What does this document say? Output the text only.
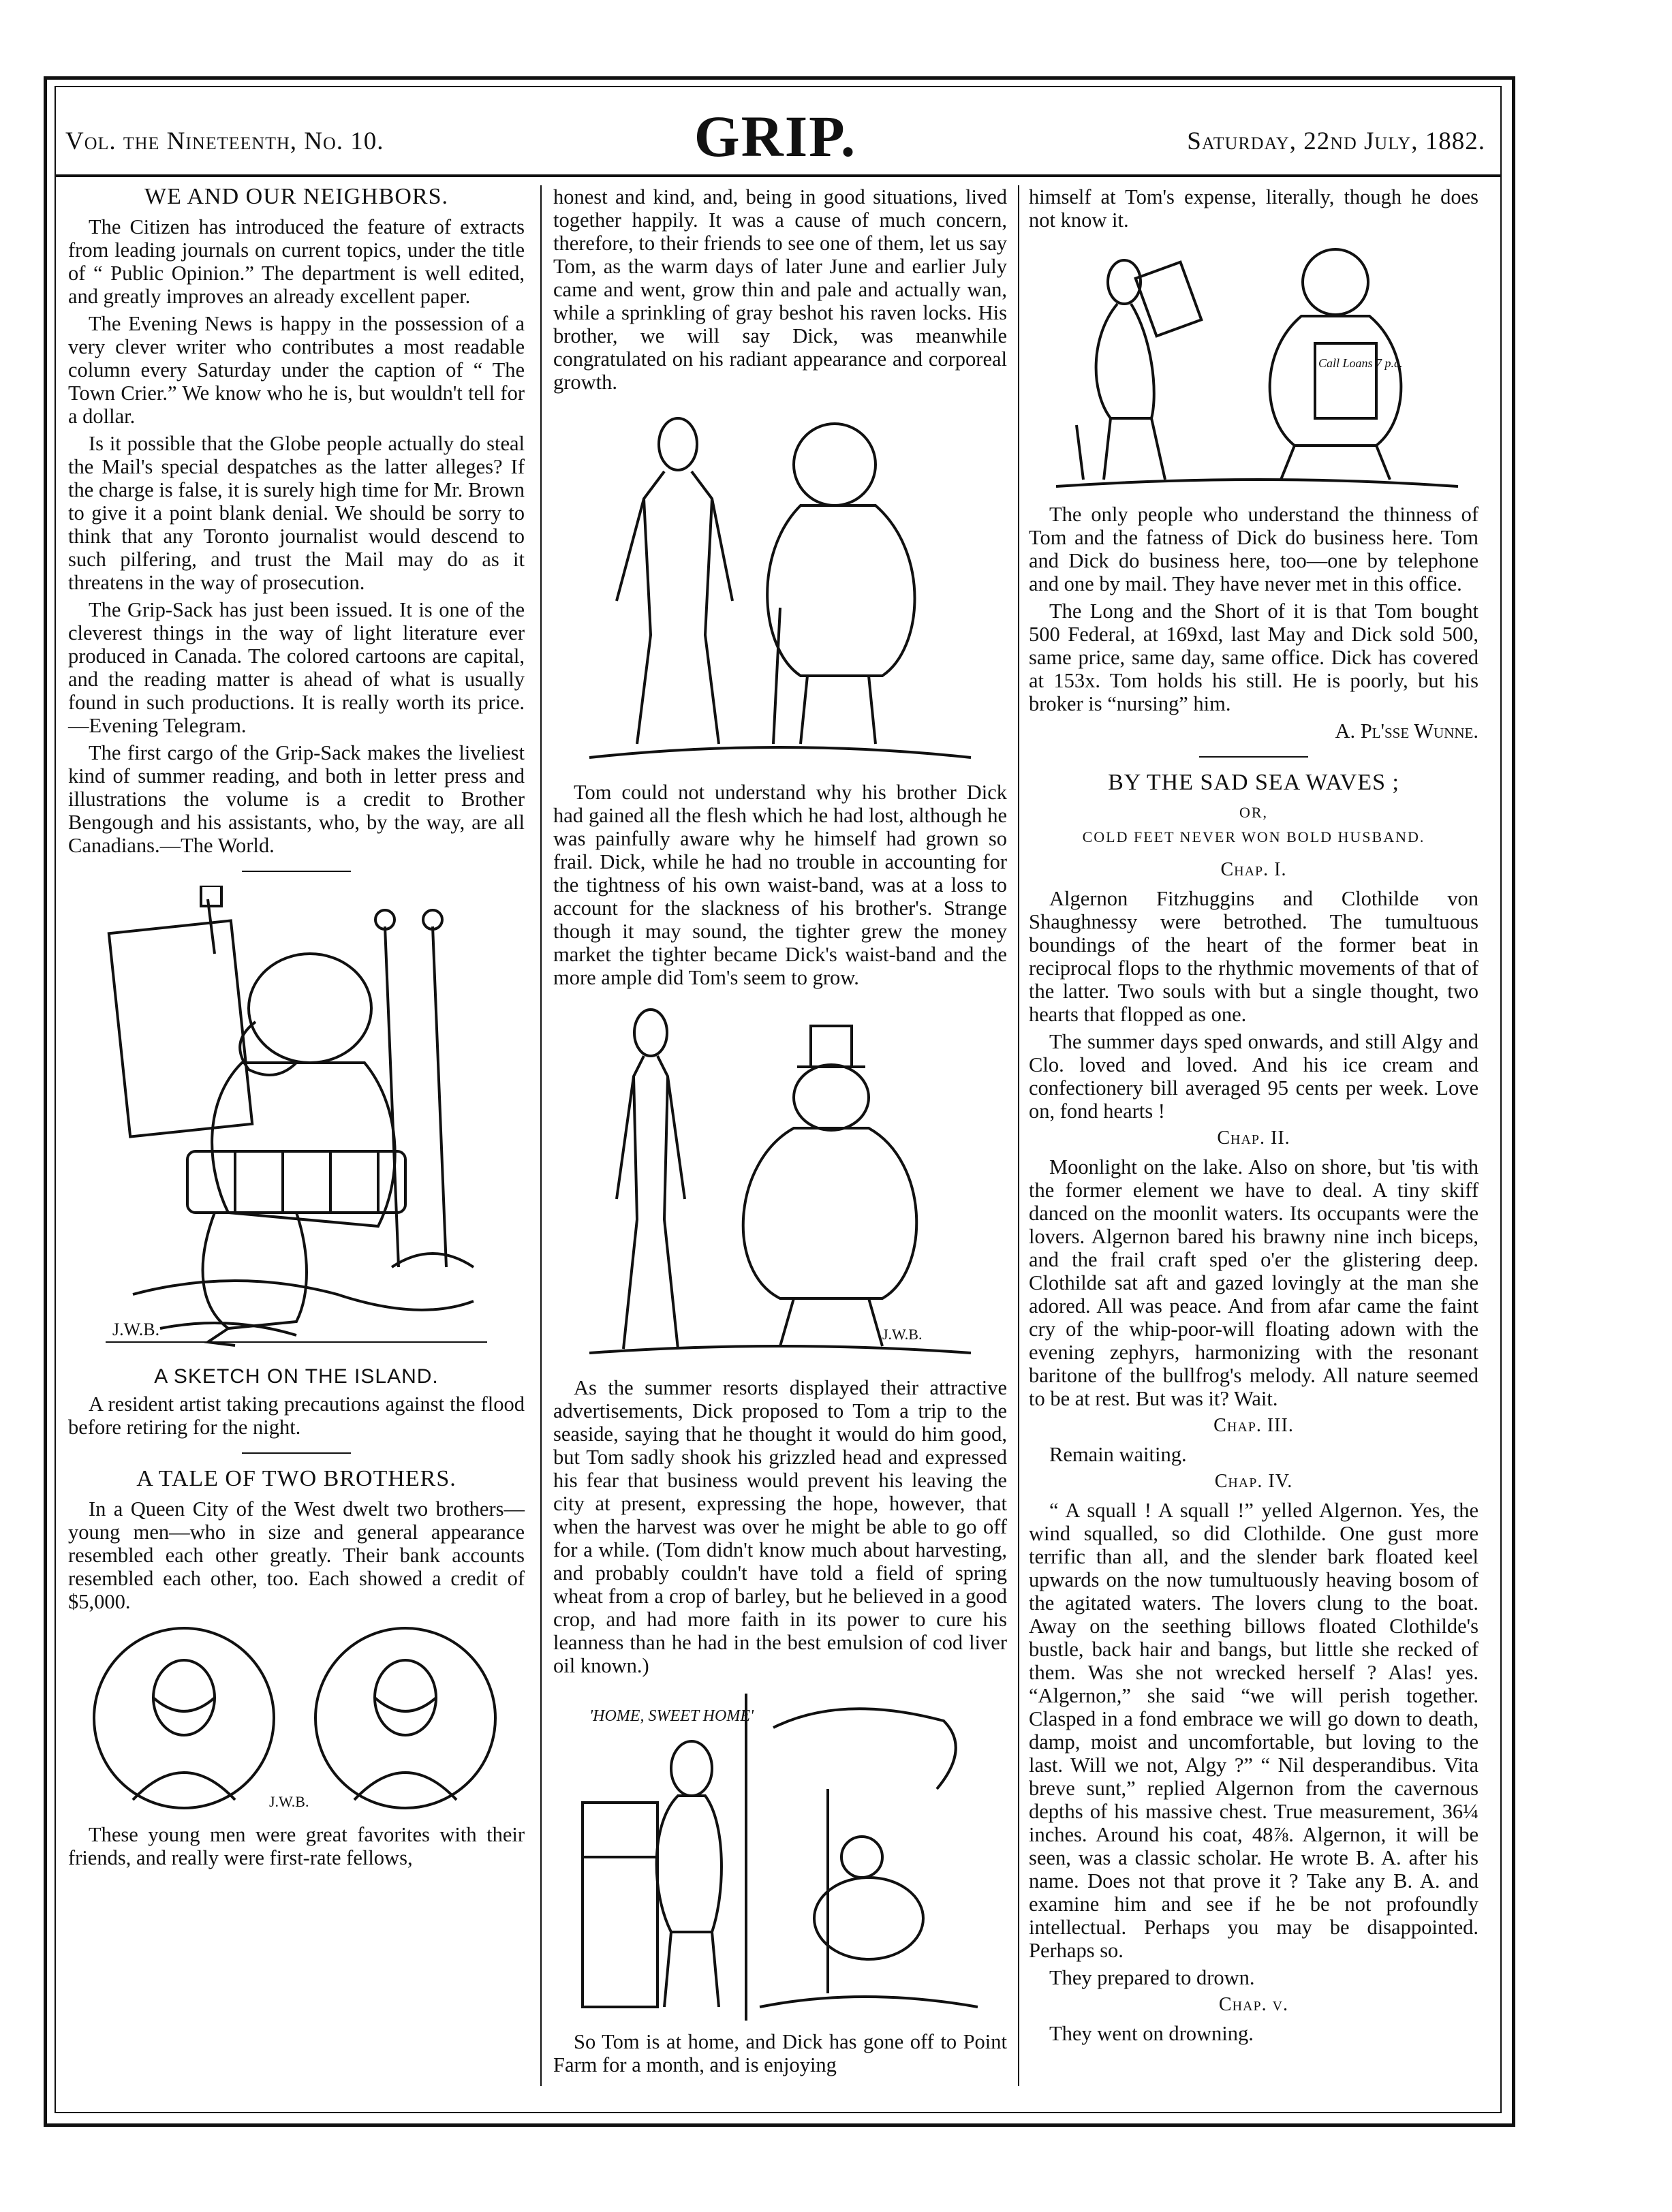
Vol. the Nineteenth, No. 10.	GRIP.	Saturday, 22nd July, 1882.
WE AND OUR NEIGHBORS.

The Citizen has introduced the feature of extracts from leading journals on current topics, under the title of “ Public Opinion.” The department is well edited, and greatly improves an already excellent paper.

The Evening News is happy in the possession of a very clever writer who contributes a most readable column every Saturday under the caption of “ The Town Crier.” We know who he is, but wouldn't tell for a dollar.

Is it possible that the Globe people actually do steal the Mail's special despatches as the latter alleges? If the charge is false, it is surely high time for Mr. Brown to give it a point blank denial. We should be sorry to think that any Toronto journalist would descend to such pilfering, and trust the Mail may do as it threatens in the way of prosecution.

The Grip-Sack has just been issued. It is one of the cleverest things in the way of light literature ever produced in Canada. The colored cartoons are capital, and the reading matter is ahead of what is usually found in such productions. It is really worth its price. —Evening Telegram.

The first cargo of the Grip-Sack makes the liveliest kind of summer reading, and both in letter press and illustrations the volume is a credit to Brother Bengough and his assistants, who, by the way, are all Canadians.—The World.

J.W.B.
A SKETCH ON THE ISLAND.

A resident artist taking precautions against the flood before retiring for the night.

A TALE OF TWO BROTHERS.

In a Queen City of the West dwelt two brothers—young men—who in size and general appearance resembled each other greatly. Their bank accounts resembled each other, too. Each showed a credit of $5,000.

J.W.B.

These young men were great favorites with their friends, and really were first-rate fellows,

honest and kind, and, being in good situations, lived together happily. It was a cause of much concern, therefore, to their friends to see one of them, let us say Tom, as the warm days of later June and earlier July came and went, grow thin and pale and actually wan, while a sprinkling of gray beshot his raven locks. His brother, we will say Dick, was meanwhile congratulated on his radiant appearance and corporeal growth.

Tom could not understand why his brother Dick had gained all the flesh which he had lost, although he was painfully aware why he himself had grown so frail. Dick, while he had no trouble in accounting for the tightness of his own waist-band, was at a loss to account for the slackness of his brother's. Strange though it may sound, the tighter grew the money market the tighter became Dick's waist-band and the more ample did Tom's seem to grow.

J.W.B.

As the summer resorts displayed their attractive advertisements, Dick proposed to Tom a trip to the seaside, saying that he thought it would do him good, but Tom sadly shook his grizzled head and expressed his fear that business would prevent his leaving the city at present, expressing the hope, however, that when the harvest was over he might be able to go off for a while. (Tom didn't know much about harvesting, and probably couldn't have told a field of spring wheat from a crop of barley, but he believed in a good crop, and had more faith in its power to cure his leanness than he had in the best emulsion of cod liver oil known.)

'HOME, SWEET HOME'

So Tom is at home, and Dick has gone off to Point Farm for a month, and is enjoying

himself at Tom's expense, literally, though he does not know it.

Call Loans 7 p.c.

The only people who understand the thinness of Tom and the fatness of Dick do business here. Tom and Dick do business here, too—one by telephone and one by mail. They have never met in this office.

The Long and the Short of it is that Tom bought 500 Federal, at 169xd, last May and Dick sold 500, same price, same day, same office. Dick has covered at 153x. Tom holds his still. He is poorly, but his broker is “nursing” him.

A. Pl'sse Wunne.
BY THE SAD SEA WAVES ;
OR,
COLD FEET NEVER WON BOLD HUSBAND.
Chap. I.

Algernon Fitzhuggins and Clothilde von Shaughnessy were betrothed. The tumultuous boundings of the heart of the former beat in reciprocal flops to the rhythmic movements of that of the latter. Two souls with but a single thought, two hearts that flopped as one.

The summer days sped onwards, and still Algy and Clo. loved and loved. And his ice cream and confectionery bill averaged 95 cents per week. Love on, fond hearts !

Chap. II.

Moonlight on the lake. Also on shore, but 'tis with the former element we have to deal. A tiny skiff danced on the moonlit waters. Its occupants were the lovers. Algernon bared his brawny nine inch biceps, and the frail craft sped o'er the glistering deep. Clothilde sat aft and gazed lovingly at the man she adored. All was peace. And from afar came the faint cry of the whip-poor-will floating adown with the evening zephyrs, harmonizing with the resonant baritone of the bullfrog's melody. All nature seemed to be at rest. But was it? Wait.

Chap. III.

Remain waiting.

Chap. IV.

“ A squall ! A squall !” yelled Algernon. Yes, the wind squalled, so did Clothilde. One gust more terrific than all, and the slender bark floated keel upwards on the now tumultuously heaving bosom of the agitated waters. The lovers clung to the boat. Away on the seething billows floated Clothilde's bustle, back hair and bangs, but little she recked of them. Was she not wrecked herself ? Alas! yes. “Algernon,” she said “we will perish together. Clasped in a fond embrace we will go down to death, damp, moist and uncomfortable, but loving to the last. Will we not, Algy ?” “ Nil desperandibus. Vita breve sunt,” replied Algernon from the cavernous depths of his massive chest. True measurement, 36¼ inches. Around his coat, 48⅞. Algernon, it will be seen, was a classic scholar. He wrote B. A. after his name. Does not that prove it ? Take any B. A. and examine him and see if he be not profoundly intellectual. Perhaps you may be disappointed. Perhaps so.

They prepared to drown.

Chap. v.

They went on drowning.
